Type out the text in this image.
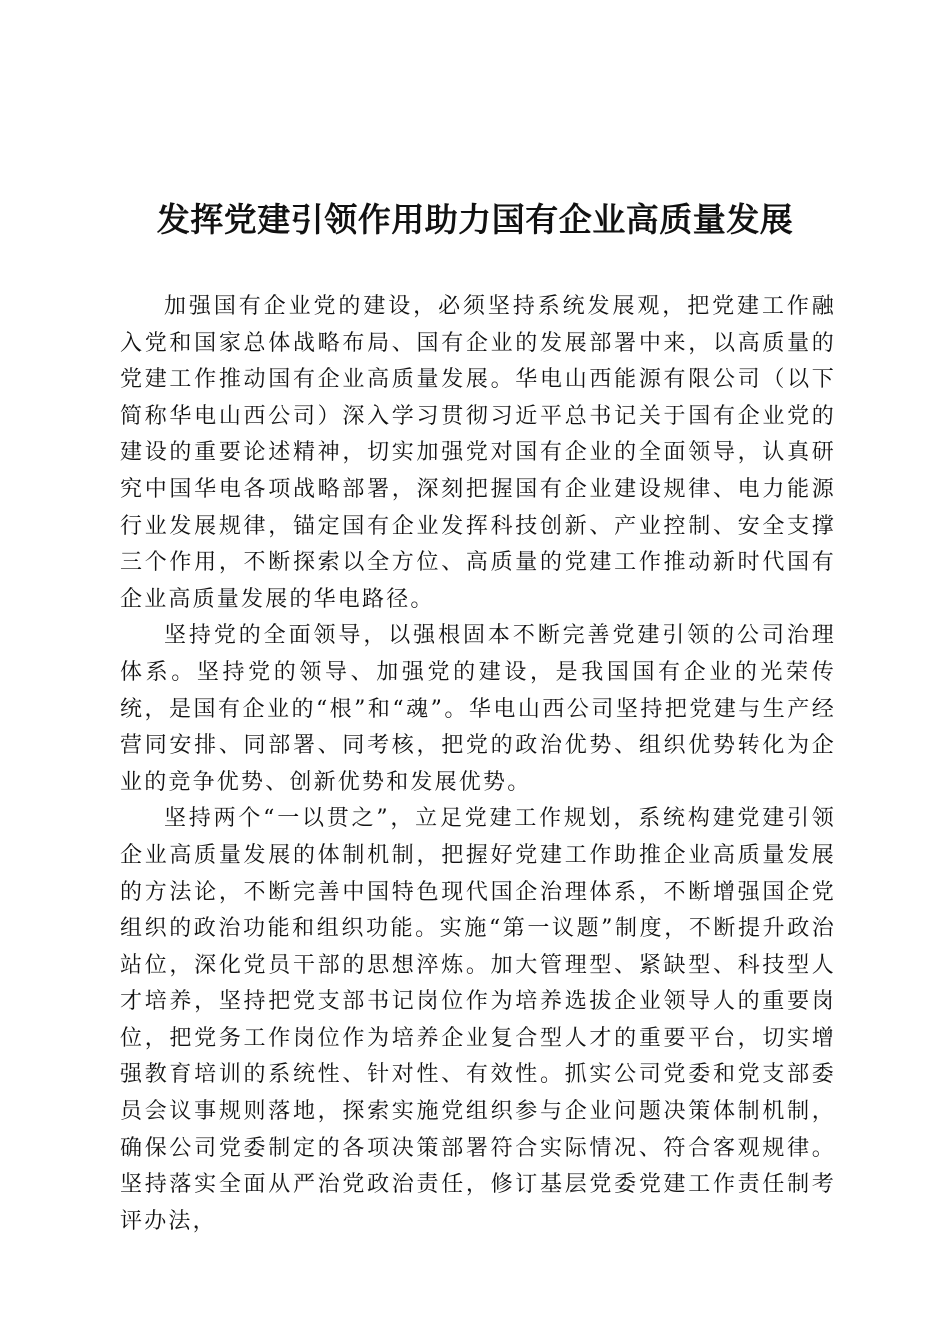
发挥党建引领作用助力国有企业高质量发展

加强国有企业党的建设，必须坚持系统发展观，把党建工作融入党和国家总体战略布局、国有企业的发展部署中来，以高质量的党建工作推动国有企业高质量发展。华电山西能源有限公司（以下简称华电山西公司）深入学习贯彻习近平总书记关于国有企业党的建设的重要论述精神，切实加强党对国有企业的全面领导，认真研究中国华电各项战略部署，深刻把握国有企业建设规律、电力能源行业发展规律，锚定国有企业发挥科技创新、产业控制、安全支撑三个作用，不断探索以全方位、高质量的党建工作推动新时代国有企业高质量发展的华电路径。

坚持党的全面领导，以强根固本不断完善党建引领的公司治理体系。坚持党的领导、加强党的建设，是我国国有企业的光荣传统，是国有企业的“根”和“魂”。华电山西公司坚持把党建与生产经营同安排、同部署、同考核，把党的政治优势、组织优势转化为企业的竞争优势、创新优势和发展优势。

坚持两个“一以贯之”，立足党建工作规划，系统构建党建引领企业高质量发展的体制机制，把握好党建工作助推企业高质量发展的方法论，不断完善中国特色现代国企治理体系，不断增强国企党组织的政治功能和组织功能。实施“第一议题”制度，不断提升政治站位，深化党员干部的思想淬炼。加大管理型、紧缺型、科技型人才培养，坚持把党支部书记岗位作为培养选拔企业领导人的重要岗位，把党务工作岗位作为培养企业复合型人才的重要平台，切实增强教育培训的系统性、针对性、有效性。抓实公司党委和党支部委员会议事规则落地，探索实施党组织参与企业问题决策体制机制，确保公司党委制定的各项决策部署符合实际情况、符合客观规律。坚持落实全面从严治党政治责任，修订基层党委党建工作责任制考评办法，
